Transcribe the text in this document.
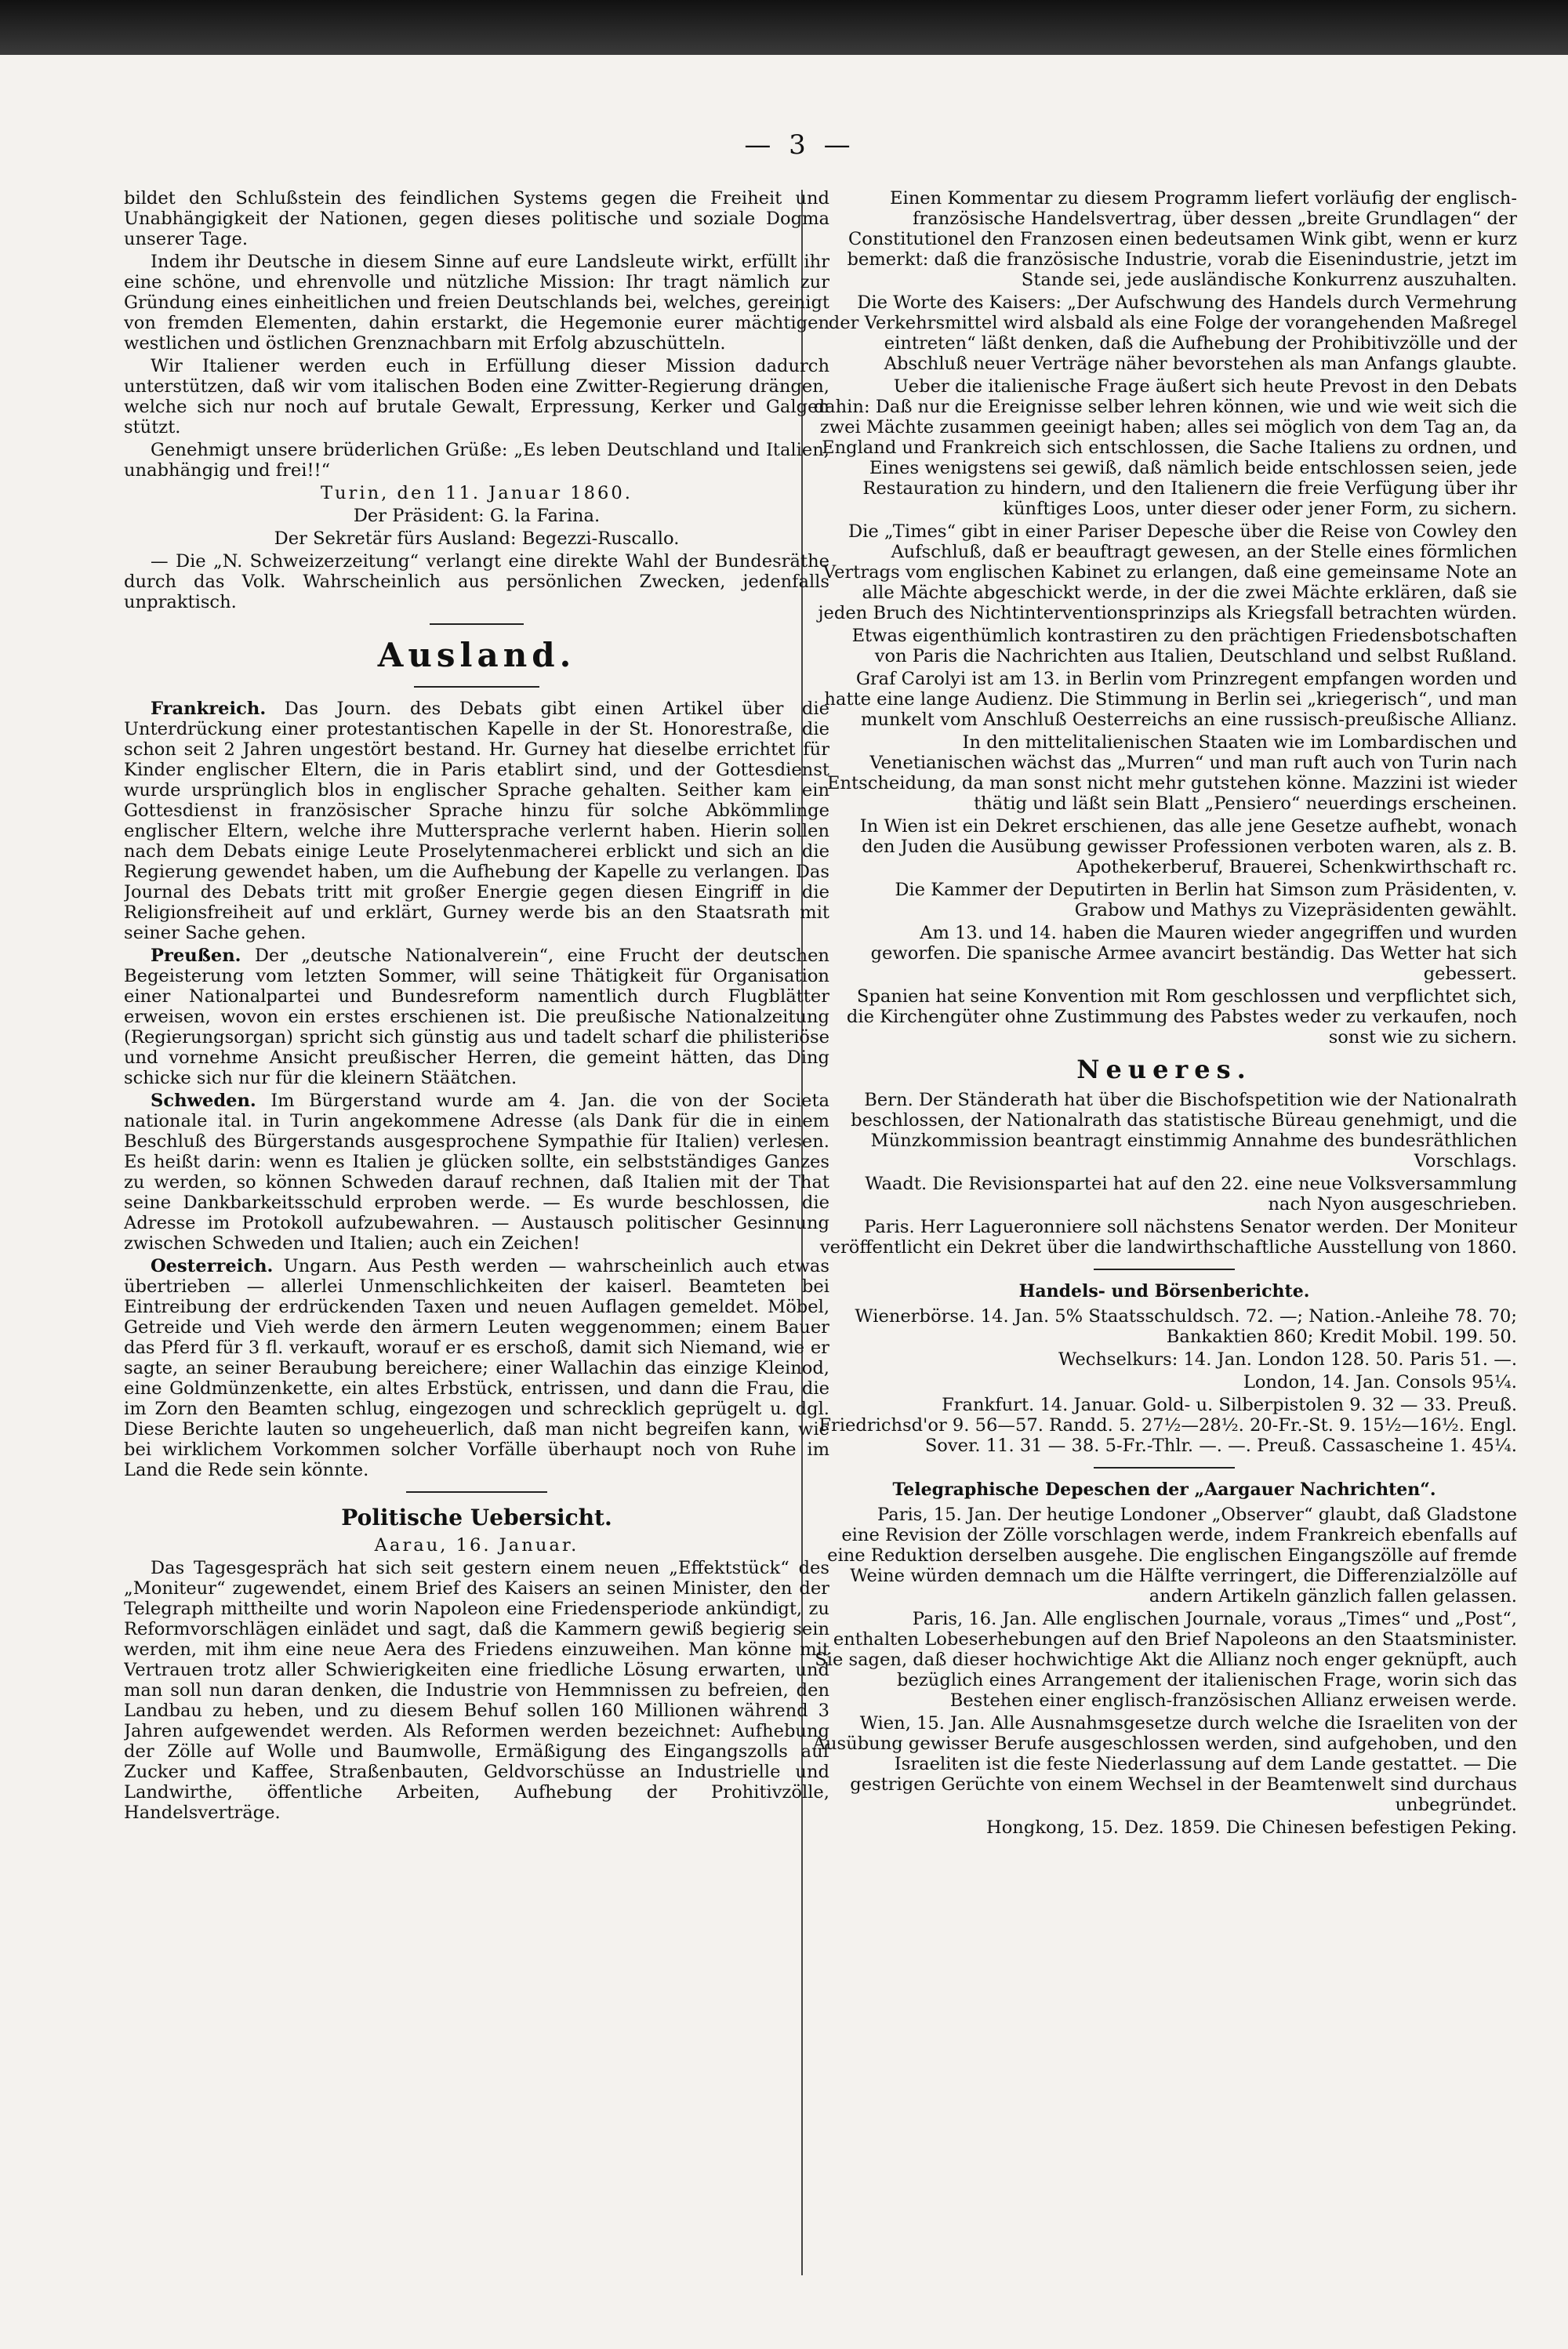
— 3 —

bildet den Schlußstein des feindlichen Systems gegen die Freiheit und Unabhängigkeit der Nationen, gegen dieses politische und soziale Dogma unserer Tage.

Indem ihr Deutsche in diesem Sinne auf eure Landsleute wirkt, erfüllt ihr eine schöne, und ehrenvolle und nützliche Mission: Ihr tragt nämlich zur Gründung eines einheitlichen und freien Deutschlands bei, welches, gereinigt von fremden Elementen, dahin erstarkt, die Hegemonie eurer mächtigen westlichen und östlichen Grenznachbarn mit Erfolg abzuschütteln.

Wir Italiener werden euch in Erfüllung dieser Mission dadurch unterstützen, daß wir vom italischen Boden eine Zwitter-Regierung drängen, welche sich nur noch auf brutale Gewalt, Erpressung, Kerker und Galgen stützt.

Genehmigt unsere brüderlichen Grüße: „Es leben Deutschland und Italien, unabhängig und frei!!“

Turin, den 11. Januar 1860.

Der Präsident: G. la Farina.

Der Sekretär fürs Ausland: Begezzi-Ruscallo.

— Die „N. Schweizerzeitung“ verlangt eine direkte Wahl der Bundesräthe durch das Volk. Wahrscheinlich aus persönlichen Zwecken, jedenfalls unpraktisch.

Ausland.

Frankreich. Das Journ. des Debats gibt einen Artikel über die Unterdrückung einer protestantischen Kapelle in der St. Honorestraße, die schon seit 2 Jahren ungestört bestand. Hr. Gurney hat dieselbe errichtet für Kinder englischer Eltern, die in Paris etablirt sind, und der Gottesdienst wurde ursprünglich blos in englischer Sprache gehalten. Seither kam ein Gottesdienst in französischer Sprache hinzu für solche Abkömmlinge englischer Eltern, welche ihre Muttersprache verlernt haben. Hierin sollen nach dem Debats einige Leute Proselytenmacherei erblickt und sich an die Regierung gewendet haben, um die Aufhebung der Kapelle zu verlangen. Das Journal des Debats tritt mit großer Energie gegen diesen Eingriff in die Religionsfreiheit auf und erklärt, Gurney werde bis an den Staatsrath mit seiner Sache gehen.

Preußen. Der „deutsche Nationalverein“, eine Frucht der deutschen Begeisterung vom letzten Sommer, will seine Thätigkeit für Organisation einer Nationalpartei und Bundesreform namentlich durch Flugblätter erweisen, wovon ein erstes erschienen ist. Die preußische Nationalzeitung (Regierungsorgan) spricht sich günstig aus und tadelt scharf die philisteriöse und vornehme Ansicht preußischer Herren, die gemeint hätten, das Ding schicke sich nur für die kleinern Stäätchen.

Schweden. Im Bürgerstand wurde am 4. Jan. die von der Societa nationale ital. in Turin angekommene Adresse (als Dank für die in einem Beschluß des Bürgerstands ausgesprochene Sympathie für Italien) verlesen. Es heißt darin: wenn es Italien je glücken sollte, ein selbstständiges Ganzes zu werden, so können Schweden darauf rechnen, daß Italien mit der That seine Dankbarkeitsschuld erproben werde. — Es wurde beschlossen, die Adresse im Protokoll aufzubewahren. — Austausch politischer Gesinnung zwischen Schweden und Italien; auch ein Zeichen!

Oesterreich. Ungarn. Aus Pesth werden — wahrscheinlich auch etwas übertrieben — allerlei Unmenschlichkeiten der kaiserl. Beamteten bei Eintreibung der erdrückenden Taxen und neuen Auflagen gemeldet. Möbel, Getreide und Vieh werde den ärmern Leuten weggenommen; einem Bauer das Pferd für 3 fl. verkauft, worauf er es erschoß, damit sich Niemand, wie er sagte, an seiner Beraubung bereichere; einer Wallachin das einzige Kleinod, eine Goldmünzenkette, ein altes Erbstück, entrissen, und dann die Frau, die im Zorn den Beamten schlug, eingezogen und schrecklich geprügelt u. dgl. Diese Berichte lauten so ungeheuerlich, daß man nicht begreifen kann, wie bei wirklichem Vorkommen solcher Vorfälle überhaupt noch von Ruhe im Land die Rede sein könnte.

Politische Uebersicht.

Aarau, 16. Januar.

Das Tagesgespräch hat sich seit gestern einem neuen „Effektstück“ des „Moniteur“ zugewendet, einem Brief des Kaisers an seinen Minister, den der Telegraph mittheilte und worin Napoleon eine Friedensperiode ankündigt, zu Reformvorschlägen einlädet und sagt, daß die Kammern gewiß begierig sein werden, mit ihm eine neue Aera des Friedens einzuweihen. Man könne mit Vertrauen trotz aller Schwierigkeiten eine friedliche Lösung erwarten, und man soll nun daran denken, die Industrie von Hemmnissen zu befreien, den Landbau zu heben, und zu diesem Behuf sollen 160 Millionen während 3 Jahren aufgewendet werden. Als Reformen werden bezeichnet: Aufhebung der Zölle auf Wolle und Baumwolle, Ermäßigung des Eingangszolls auf Zucker und Kaffee, Straßenbauten, Geldvorschüsse an Industrielle und Landwirthe, öffentliche Arbeiten, Aufhebung der Prohitivzölle, Handelsverträge.

Einen Kommentar zu diesem Programm liefert vorläufig der englisch-französische Handelsvertrag, über dessen „breite Grundlagen“ der Constitutionel den Franzosen einen bedeutsamen Wink gibt, wenn er kurz bemerkt: daß die französische Industrie, vorab die Eisenindustrie, jetzt im Stande sei, jede ausländische Konkurrenz auszuhalten.

Die Worte des Kaisers: „Der Aufschwung des Handels durch Vermehrung der Verkehrsmittel wird alsbald als eine Folge der vorangehenden Maßregel eintreten“ läßt denken, daß die Aufhebung der Prohibitivzölle und der Abschluß neuer Verträge näher bevorstehen als man Anfangs glaubte.

Ueber die italienische Frage äußert sich heute Prevost in den Debats dahin: Daß nur die Ereignisse selber lehren können, wie und wie weit sich die zwei Mächte zusammen geeinigt haben; alles sei möglich von dem Tag an, da England und Frankreich sich entschlossen, die Sache Italiens zu ordnen, und Eines wenigstens sei gewiß, daß nämlich beide entschlossen seien, jede Restauration zu hindern, und den Italienern die freie Verfügung über ihr künftiges Loos, unter dieser oder jener Form, zu sichern.

Die „Times“ gibt in einer Pariser Depesche über die Reise von Cowley den Aufschluß, daß er beauftragt gewesen, an der Stelle eines förmlichen Vertrags vom englischen Kabinet zu erlangen, daß eine gemeinsame Note an alle Mächte abgeschickt werde, in der die zwei Mächte erklären, daß sie jeden Bruch des Nichtinterventionsprinzips als Kriegsfall betrachten würden.

Etwas eigenthümlich kontrastiren zu den prächtigen Friedensbotschaften von Paris die Nachrichten aus Italien, Deutschland und selbst Rußland.

Graf Carolyi ist am 13. in Berlin vom Prinzregent empfangen worden und hatte eine lange Audienz. Die Stimmung in Berlin sei „kriegerisch“, und man munkelt vom Anschluß Oesterreichs an eine russisch-preußische Allianz.

In den mittelitalienischen Staaten wie im Lombardischen und Venetianischen wächst das „Murren“ und man ruft auch von Turin nach Entscheidung, da man sonst nicht mehr gutstehen könne. Mazzini ist wieder thätig und läßt sein Blatt „Pensiero“ neuerdings erscheinen.

In Wien ist ein Dekret erschienen, das alle jene Gesetze aufhebt, wonach den Juden die Ausübung gewisser Professionen verboten waren, als z. B. Apothekerberuf, Brauerei, Schenkwirthschaft rc.

Die Kammer der Deputirten in Berlin hat Simson zum Präsidenten, v. Grabow und Mathys zu Vizepräsidenten gewählt.

Am 13. und 14. haben die Mauren wieder angegriffen und wurden geworfen. Die spanische Armee avancirt beständig. Das Wetter hat sich gebessert.

Spanien hat seine Konvention mit Rom geschlossen und verpflichtet sich, die Kirchengüter ohne Zustimmung des Pabstes weder zu verkaufen, noch sonst wie zu sichern.

Neueres.

Bern. Der Ständerath hat über die Bischofspetition wie der Nationalrath beschlossen, der Nationalrath das statistische Büreau genehmigt, und die Münzkommission beantragt einstimmig Annahme des bundesräthlichen Vorschlags.

Waadt. Die Revisionspartei hat auf den 22. eine neue Volksversammlung nach Nyon ausgeschrieben.

Paris. Herr Lagueronniere soll nächstens Senator werden. Der Moniteur veröffentlicht ein Dekret über die landwirthschaftliche Ausstellung von 1860.

Handels- und Börsenberichte.

Wienerbörse. 14. Jan. 5% Staatsschuldsch. 72. —; Nation.-Anleihe 78. 70; Bankaktien 860; Kredit Mobil. 199. 50.

Wechselkurs: 14. Jan. London 128. 50. Paris 51. —.

London, 14. Jan. Consols 95¼.

Frankfurt. 14. Januar. Gold- u. Silberpistolen 9. 32 — 33. Preuß. Friedrichsd'or 9. 56—57. Randd. 5. 27½—28½. 20-Fr.-St. 9. 15½—16½. Engl. Sover. 11. 31 — 38. 5-Fr.-Thlr. —. —. Preuß. Cassascheine 1. 45¼.

Telegraphische Depeschen der „Aargauer Nachrichten“.

Paris, 15. Jan. Der heutige Londoner „Observer“ glaubt, daß Gladstone eine Revision der Zölle vorschlagen werde, indem Frankreich ebenfalls auf eine Reduktion derselben ausgehe. Die englischen Eingangszölle auf fremde Weine würden demnach um die Hälfte verringert, die Differenzialzölle auf andern Artikeln gänzlich fallen gelassen.

Paris, 16. Jan. Alle englischen Journale, voraus „Times“ und „Post“, enthalten Lobeserhebungen auf den Brief Napoleons an den Staatsminister. Sie sagen, daß dieser hochwichtige Akt die Allianz noch enger geknüpft, auch bezüglich eines Arrangement der italienischen Frage, worin sich das Bestehen einer englisch-französischen Allianz erweisen werde.

Wien, 15. Jan. Alle Ausnahmsgesetze durch welche die Israeliten von der Ausübung gewisser Berufe ausgeschlossen werden, sind aufgehoben, und den Israeliten ist die feste Niederlassung auf dem Lande gestattet. — Die gestrigen Gerüchte von einem Wechsel in der Beamtenwelt sind durchaus unbegründet.

Hongkong, 15. Dez. 1859. Die Chinesen befestigen Peking.
